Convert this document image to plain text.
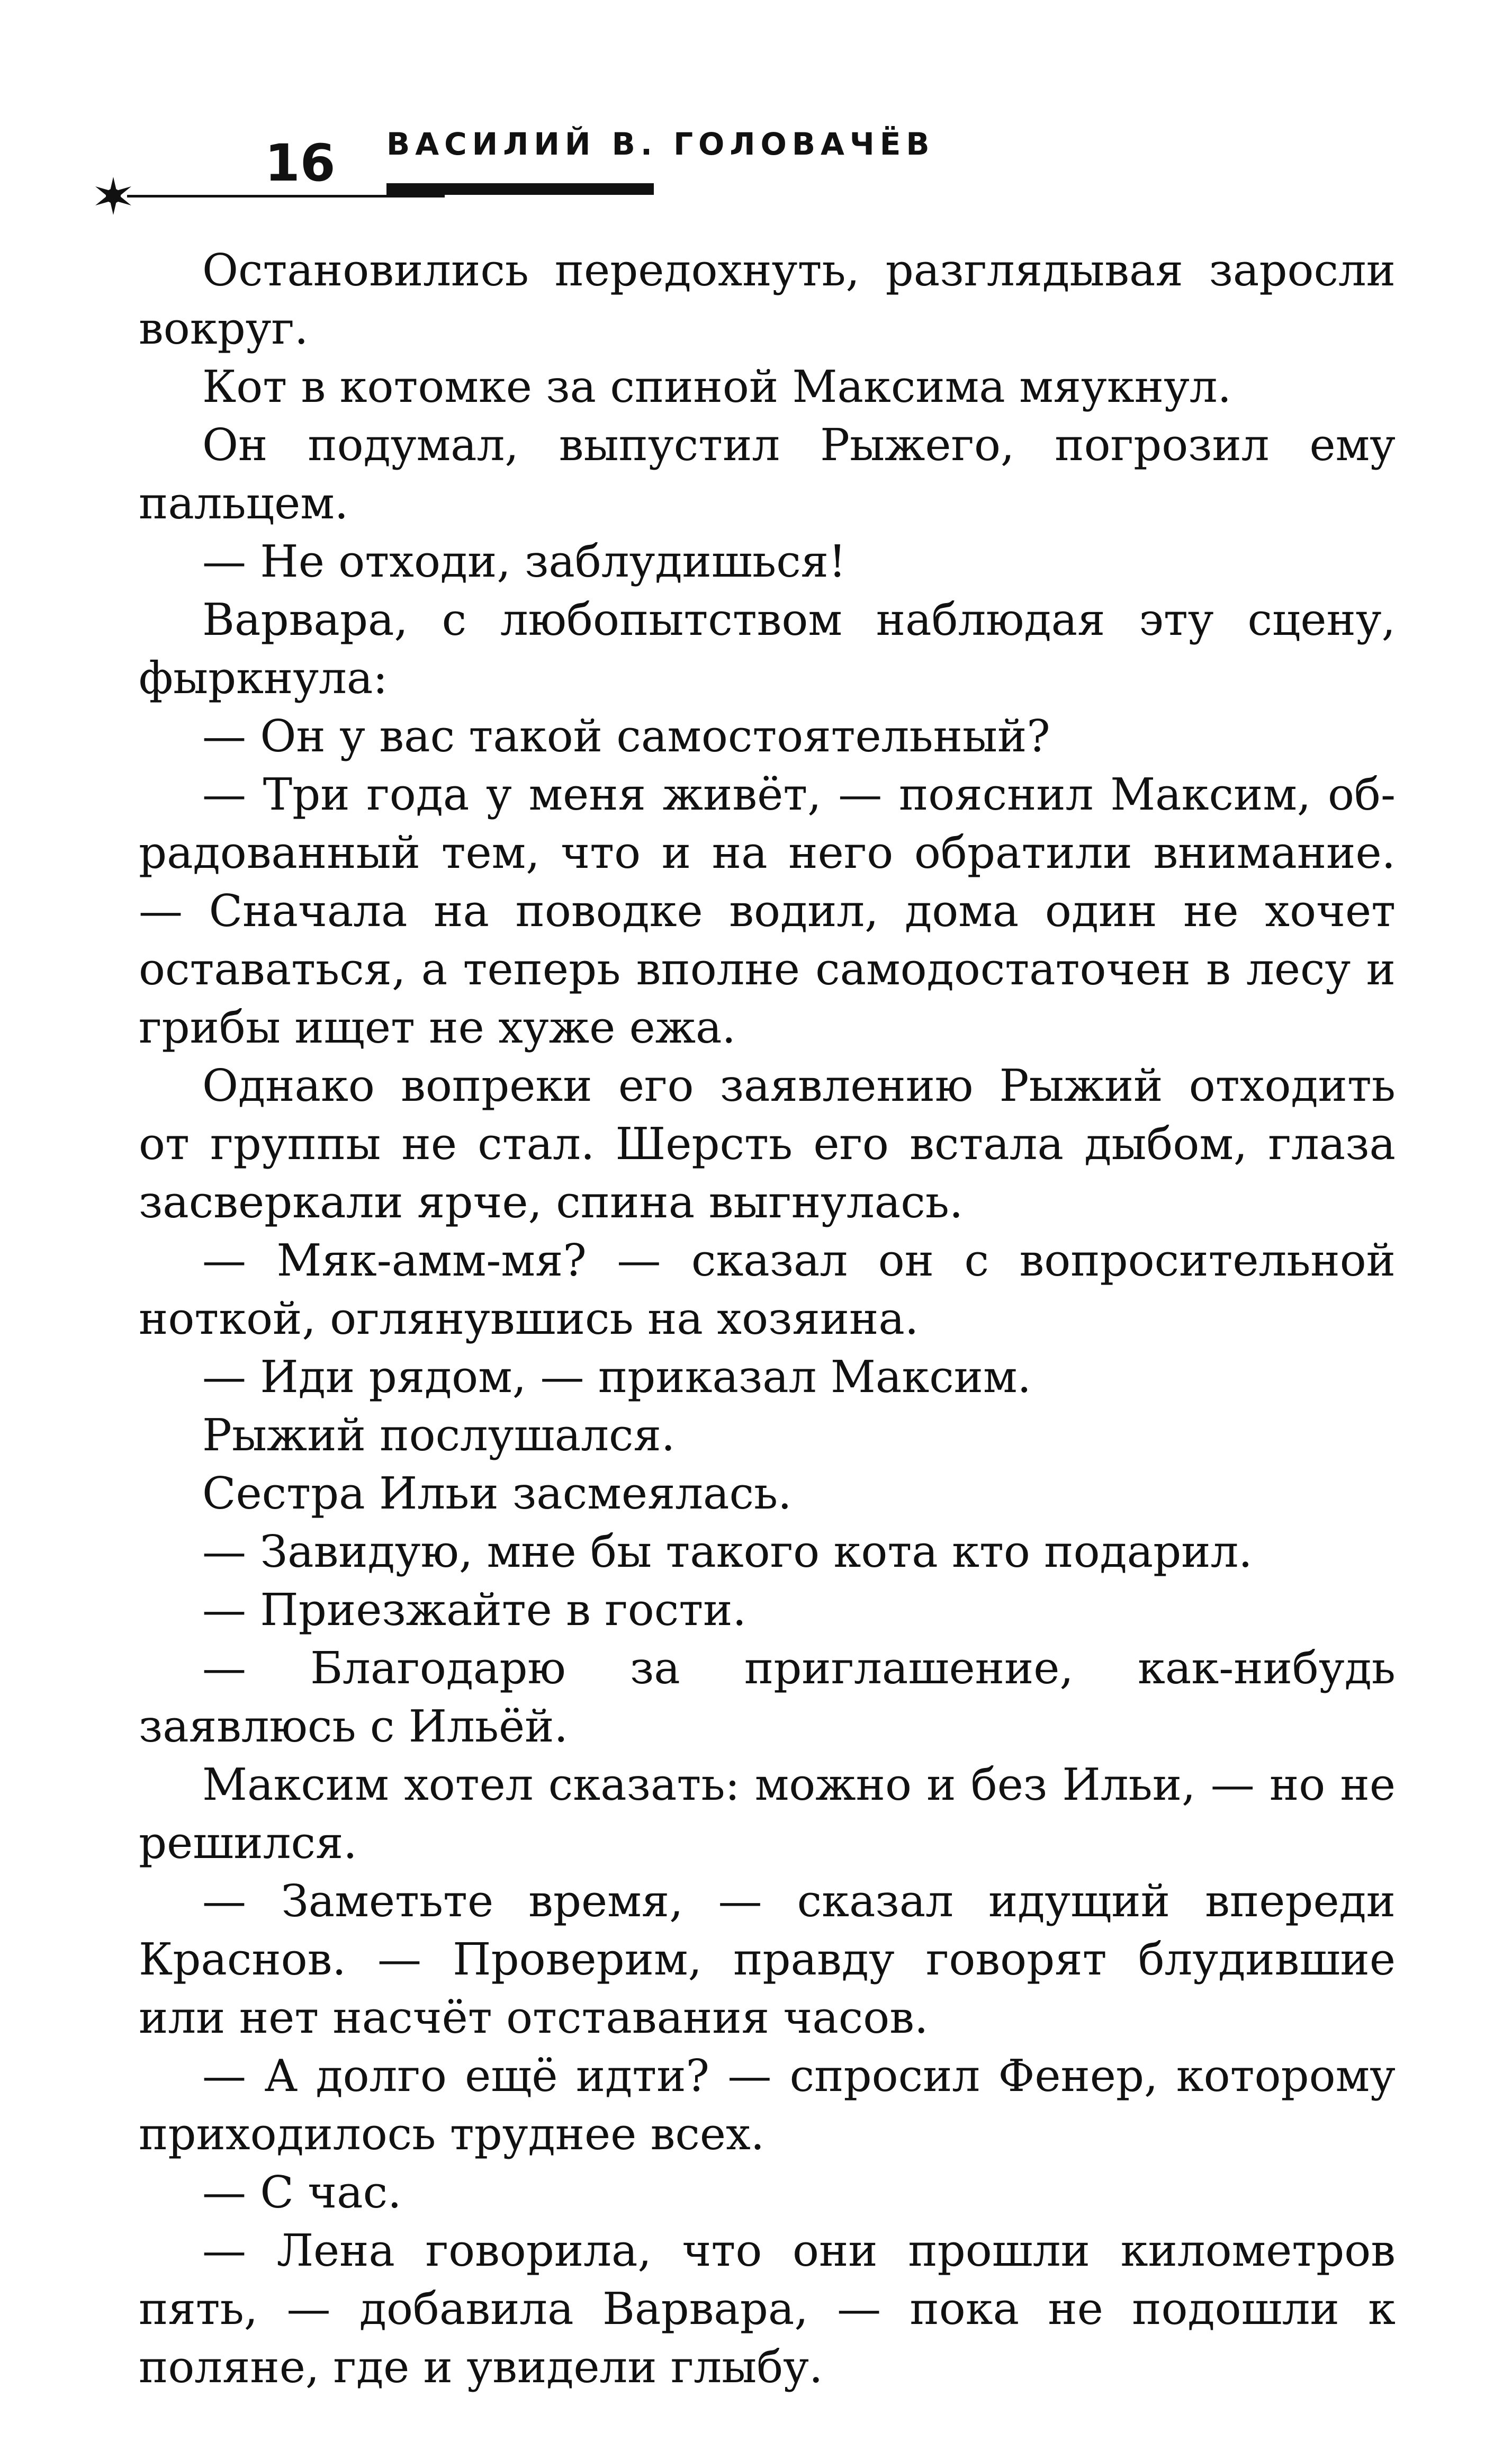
16 ВАСИЛИЙ В. ГОЛОВАЧЁВ

Остановились передохнуть, разглядывая заросли вокруг.

Кот в котомке за спиной Максима мяукнул.

Он подумал, выпустил Рыжего, погрозил ему пальцем.

— Не отходи, заблудишься!

Варвара, с любопытством наблюдая эту сцену, фыркнула:

— Он у вас такой самостоятельный?

— Три года у меня живёт, — пояснил Максим, обрадованный тем, что и на него обратили внимание. — Сначала на поводке водил, дома один не хочет оставаться, а теперь вполне самодостаточен в лесу и грибы ищет не хуже ежа.

Однако вопреки его заявлению Рыжий отходить от группы не стал. Шерсть его встала дыбом, глаза засверкали ярче, спина выгнулась.

— Мяк-амм-мя? — сказал он с вопросительной ноткой, оглянувшись на хозяина.

— Иди рядом, — приказал Максим.

Рыжий послушался.

Сестра Ильи засмеялась.

— Завидую, мне бы такого кота кто подарил.

— Приезжайте в гости.

— Благодарю за приглашение, как-нибудь заявлюсь с Ильёй.

Максим хотел сказать: можно и без Ильи, — но не решился.

— Заметьте время, — сказал идущий впереди Краснов. — Проверим, правду говорят блудившие или нет насчёт отставания часов.

— А долго ещё идти? — спросил Фенер, которому приходилось труднее всех.

— С час.

— Лена говорила, что они прошли километров пять, — добавила Варвара, — пока не подошли к поляне, где и увидели глыбу.
